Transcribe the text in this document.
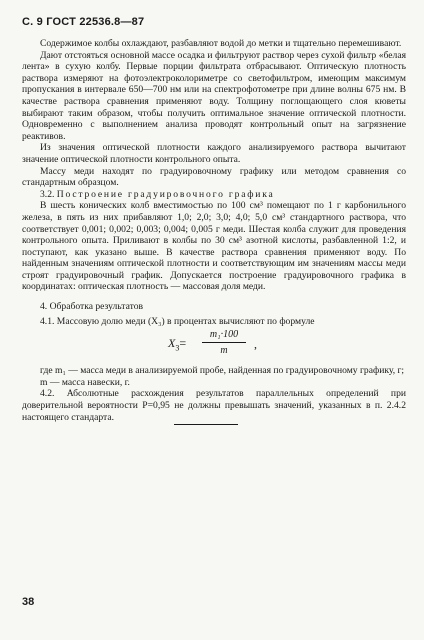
С. 9 ГОСТ 22536.8—87

Содержимое колбы охлаждают, разбавляют водой до метки и тщательно перемешивают.

Дают отстояться основной массе осадка и фильтруют раствор через сухой фильтр «белая лента» в сухую колбу. Первые порции фильтрата отбрасывают. Оптическую плотность раствора измеряют на фотоэлектроколориметре со светофильтром, имеющим максимум пропускания в интервале 650—700 нм или на спектрофотометре при длине волны 675 нм. В качестве раствора сравнения применяют воду. Толщину поглощающего слоя кюветы выбирают таким образом, чтобы получить оптимальное значение оптической плотности. Одновременно с выполнением анализа проводят контрольный опыт на загрязнение реактивов.

Из значения оптической плотности каждого анализируемого раствора вычитают значение оптической плотности контрольного опыта.

Массу меди находят по градуировочному графику или методом сравнения со стандартным образцом.

3.2. Построение градуировочного графика

В шесть конических колб вместимостью по 100 см³ помещают по 1 г карбонильного железа, в пять из них прибавляют 1,0; 2,0; 3,0; 4,0; 5,0 см³ стандартного раствора, что соответствует 0,001; 0,002; 0,003; 0,004; 0,005 г меди. Шестая колба служит для проведения контрольного опыта. Приливают в колбы по 30 см³ азотной кислоты, разбавленной 1:2, и поступают, как указано выше. В качестве раствора сравнения применяют воду. По найденным значениям оптической плотности и соответствующим им значениям массы меди строят градуировочный график. Допускается построение градуировочного графика в координатах: оптическая плотность — массовая доля меди.

4. Обработка результатов

4.1. Массовую долю меди (X₃) в процентах вычисляют по формуле

$X_3= \frac{\text{m₁·100}}{m}$ ,

где m₁ — масса меди в анализируемой пробе, найденная по градуировочному графику, г;

m — масса навески, г.

4.2. Абсолютные расхождения результатов параллельных определений при доверительной вероятности P=0,95 не должны превышать значений, указанных в п. 2.4.2 настоящего стандарта.

38
